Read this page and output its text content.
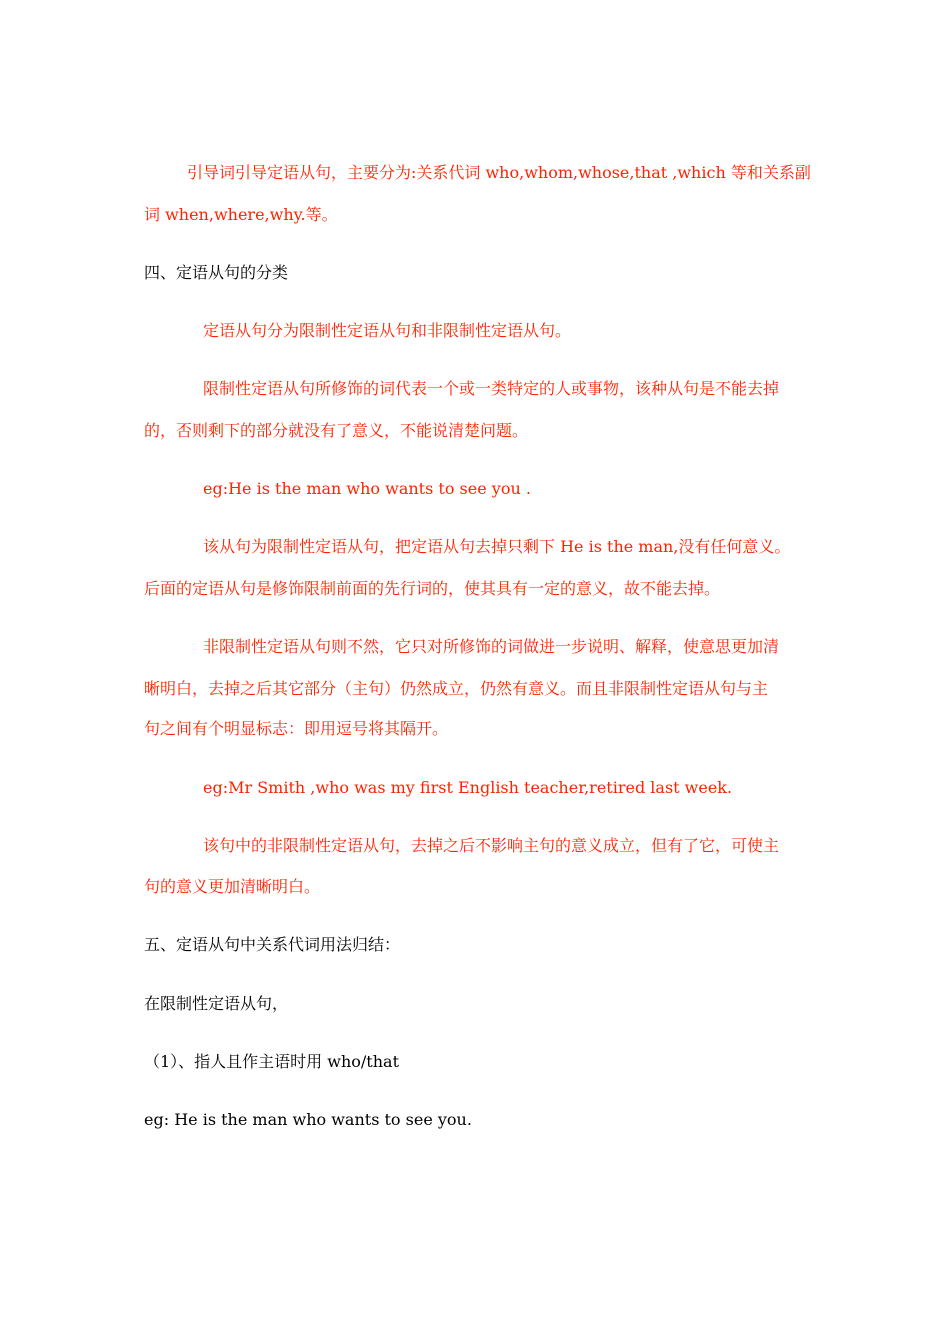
引导词引导定语从句，主要分为:关系代词 who,whom,whose,that ,which 等和关系副
词 when,where,why.等。
四、定语从句的分类
定语从句分为限制性定语从句和非限制性定语从句。
限制性定语从句所修饰的词代表一个或一类特定的人或事物，该种从句是不能去掉
的，否则剩下的部分就没有了意义，不能说清楚问题。
eg:He is the man who wants to see you .
该从句为限制性定语从句，把定语从句去掉只剩下 He is the man,没有任何意义。
后面的定语从句是修饰限制前面的先行词的，使其具有一定的意义，故不能去掉。
非限制性定语从句则不然，它只对所修饰的词做进一步说明、解释，使意思更加清
晰明白，去掉之后其它部分（主句）仍然成立，仍然有意义。而且非限制性定语从句与主
句之间有个明显标志：即用逗号将其隔开。
eg:Mr Smith ,who was my first English teacher,retired last week.
该句中的非限制性定语从句，去掉之后不影响主句的意义成立，但有了它，可使主
句的意义更加清晰明白。
五、定语从句中关系代词用法归结：
在限制性定语从句，
（1）、指人且作主语时用 who/that
eg: He is the man who wants to see you.
